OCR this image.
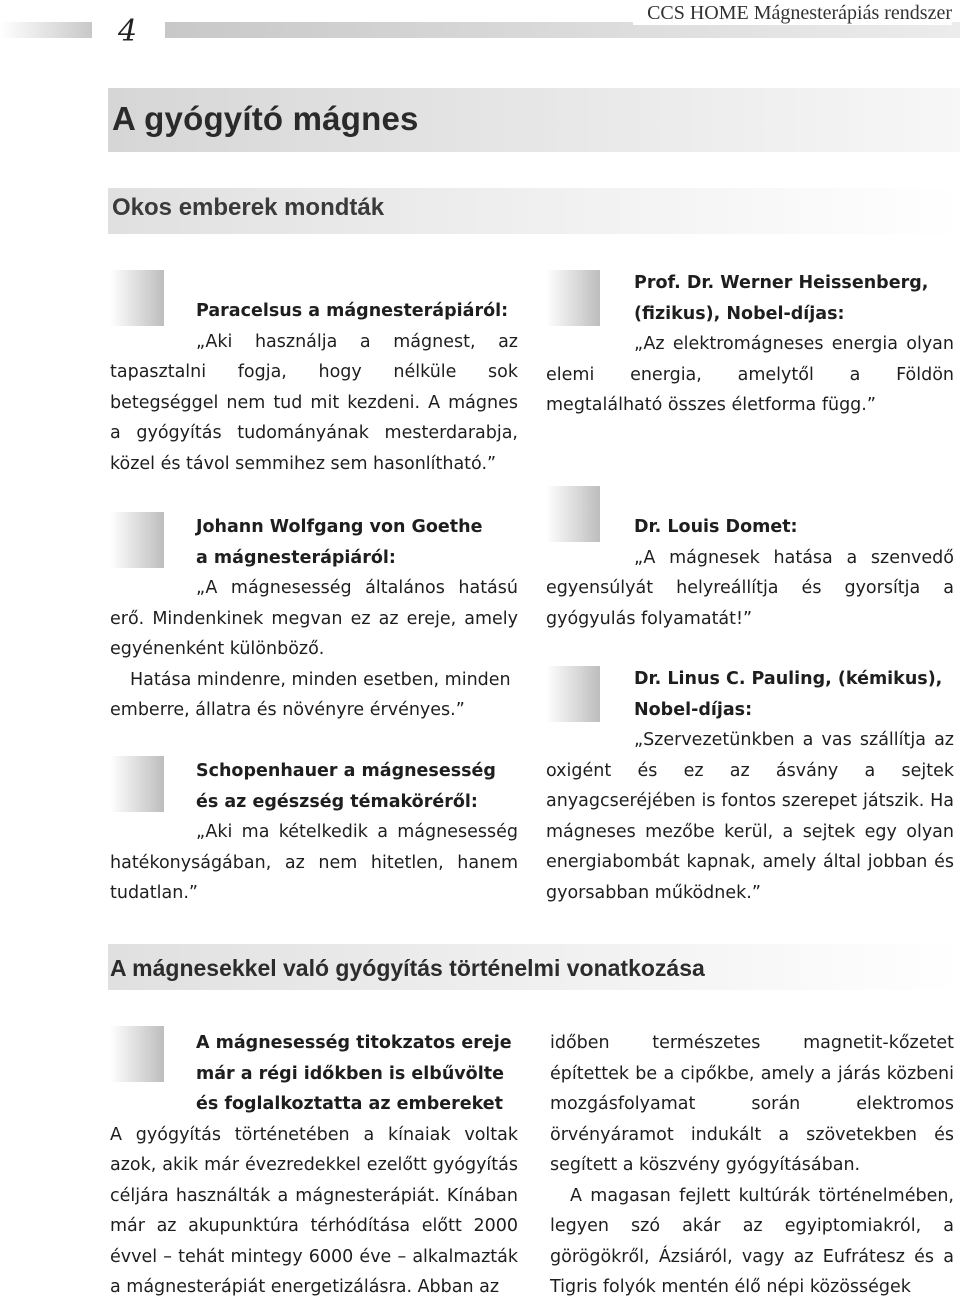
4
CCS HOME Mágnesterápiás rendszer
A gyógyító mágnes
Okos emberek mondták
Paracelsus a mágnesterápiáról:
„Aki használja a mágnest, az tapasztalni fogja, hogy nélküle sok betegséggel nem tud mit kezdeni. A mágnes a gyógyítás tudományának mesterdarabja, közel és távol semmihez sem hasonlítható.”
Johann Wolfgang von Goethe
a mágnesterápiáról:
„A mágnesesség általános hatású erő. Mindenkinek megvan ez az ereje, amely egyénenként különböző.
Hatása mindenre, minden esetben, minden emberre, állatra és növényre érvényes.”
Schopenhauer a mágnesesség
és az egészség témaköréről:
„Aki ma kételkedik a mágnesesség hatékonyságában, az nem hitetlen, hanem tudatlan.”
Prof. Dr. Werner Heissenberg,
(fizikus), Nobel-díjas:
„Az elektromágneses energia olyan elemi energia, amelytől a Földön megtalálható összes életforma függ.”
Dr. Louis Domet:
„A mágnesek hatása a szenvedő egyensúlyát helyreállítja és gyorsítja a gyógyulás folyamatát!”
Dr. Linus C. Pauling, (kémikus),
Nobel-díjas:
„Szervezetünkben a vas szállítja az oxigént és ez az ásvány a sejtek anyagcseréjében is fontos szerepet játszik. Ha mágneses mezőbe kerül, a sejtek egy olyan energiabombát kapnak, amely által jobban és gyorsabban működnek.”
A mágnesekkel való gyógyítás történelmi vonatkozása
A mágnesesség titokzatos ereje
már a régi időkben is elbűvölte
és foglalkoztatta az embereket
A gyógyítás történetében a kínaiak voltak azok, akik már évezredekkel ezelőtt gyógyítás céljára használták a mágnesterápiát. Kínában már az akupunktúra térhódítása előtt 2000 évvel – tehát mintegy 6000 éve – alkalmazták a mágnesterápiát energetizálásra. Abban az
időben természetes magnetit-kőzetet építettek be a cipőkbe, amely a járás közbeni mozgásfolyamat során elektromos örvényáramot indukált a szövetekben és segített a köszvény gyógyításában.
A magasan fejlett kultúrák történelmében, legyen szó akár az egyiptomiakról, a görögökről, Ázsiáról, vagy az Eufrátesz és a Tigris folyók mentén élő népi közösségek
